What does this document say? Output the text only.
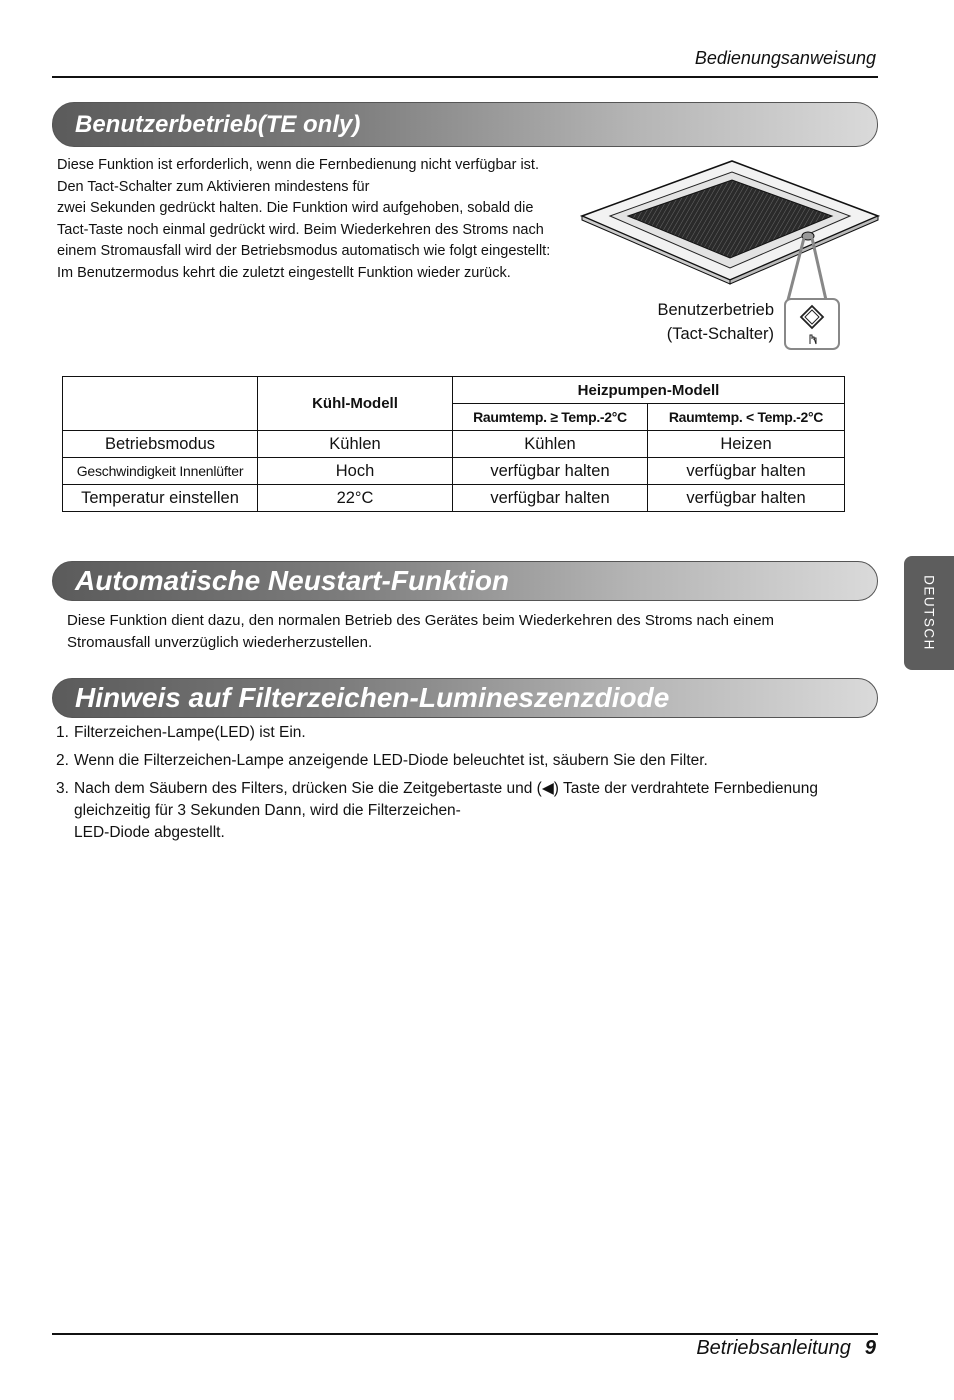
Bedienungsanweisung
Benutzerbetrieb(TE only)
Diese Funktion ist erforderlich, wenn die Fernbedienung nicht verfügbar ist.
Den Tact-Schalter zum Aktivieren mindestens für
zwei Sekunden gedrückt halten. Die Funktion wird aufgehoben, sobald die
Tact-Taste noch einmal gedrückt wird. Beim Wiederkehren des Stroms nach
einem Stromausfall wird der Betriebsmodus automatisch wie folgt eingestellt:
Im Benutzermodus kehrt die zuletzt eingestellt Funktion wieder zurück.
Benutzerbetrieb
(Tact-Schalter)
	Kühl-Modell	Heizpumpen-Modell	
		Raumtemp. ≥ Temp.-2°C	Raumtemp. < Temp.-2°C
Betriebsmodus	Kühlen	Kühlen	Heizen
Geschwindigkeit Innenlüfter	Hoch	verfügbar halten	verfügbar halten
Temperatur einstellen	22°C	verfügbar halten	verfügbar halten
Automatische Neustart-Funktion
Diese Funktion dient dazu, den normalen Betrieb des Gerätes beim Wiederkehren des Stroms nach einem
Stromausfall unverzüglich wiederherzustellen.	DEUTSCH
Hinweis auf Filterzeichen-Lumineszenzdiode
1. Filterzeichen-Lampe(LED) ist Ein.
2. Wenn die Filterzeichen-Lampe anzeigende LED-Diode beleuchtet ist, säubern Sie den Filter.
3. Nach dem Säubern des Filters, drücken Sie die Zeitgebertaste und (◀) Taste der verdrahtete Fernbedienung
gleichzeitig für 3 Sekunden Dann, wird die Filterzeichen-
LED-Diode abgestellt.
Betriebsanleitung 9
